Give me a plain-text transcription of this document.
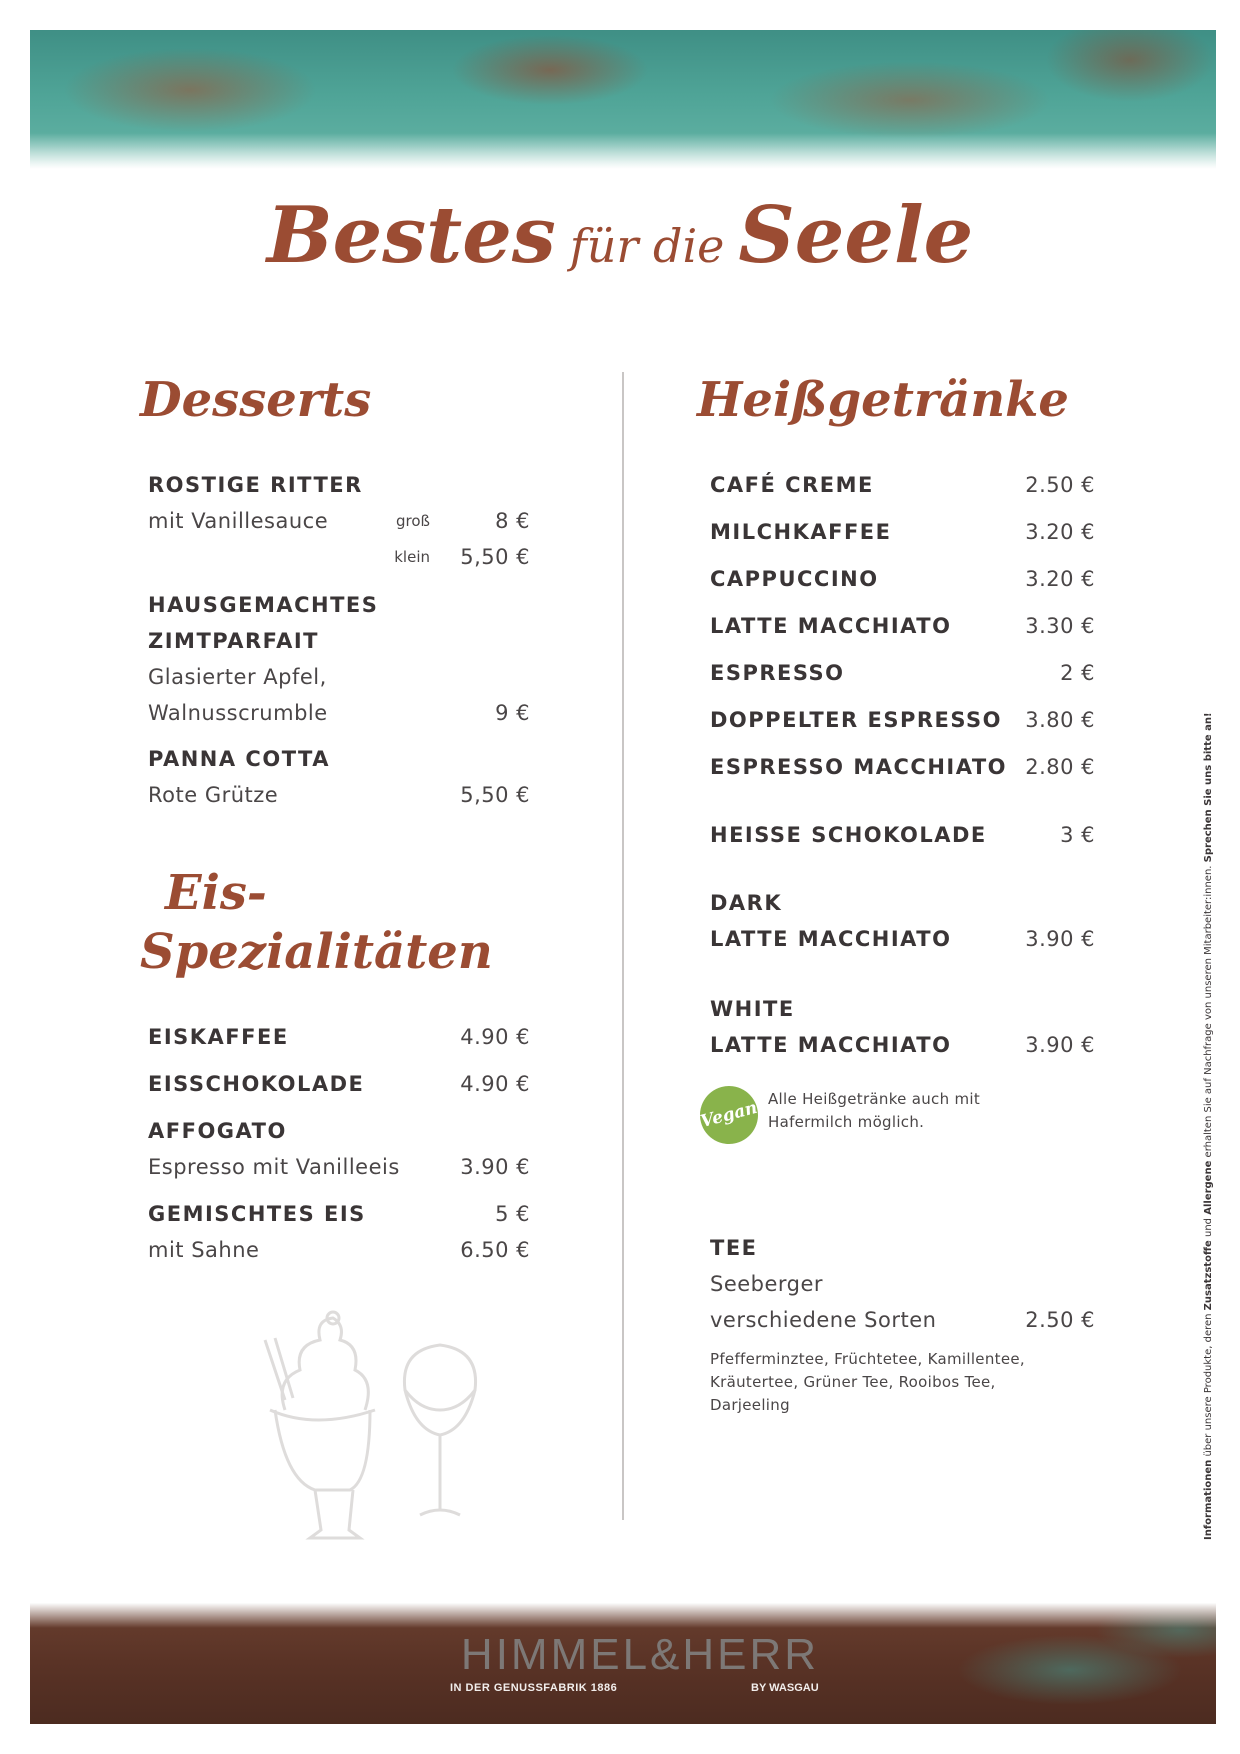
Bestes für die Seele
Desserts
ROSTIGE RITTER
mit Vanillesauce	groß	8 €
klein 5,50 €
HAUSGEMACHTES
ZIMTPARFAIT
Glasierter Apfel,
Walnusscrumble	9 €
PANNA COTTA
Rote Grütze	5,50 €
Eis-
Spezialitäten
EISKAFFEE	4.90 €
EISSCHOKOLADE	4.90 €
AFFOGATO
Espresso mit Vanilleeis	3.90 €
GEMISCHTES EIS	5 €
mit Sahne	6.50 €
Heißgetränke
CAFÉ CREME	2.50 €
MILCHKAFFEE	3.20 €
CAPPUCCINO	3.20 €
LATTE MACCHIATO	3.30 €
ESPRESSO	2 €
DOPPELTER ESPRESSO 3.80 €
ESPRESSO MACCHIATO 2.80 €
HEISSE SCHOKOLADE	3 €
DARK
LATTE MACCHIATO	3.90 €
WHITE
LATTE MACCHIATO	3.90 €
Vegan Alle Heißgetränke auch mit
Hafermilch möglich.
TEE
Seeberger
verschiedene Sorten	2.50 €
Pfefferminztee, Früchtetee, Kamillentee,
Kräutertee, Grüner Tee, Rooibos Tee,
Darjeeling
Informationen über unsere Produkte, deren Zusatzstoffe und Allergene erhalten Sie auf Nachfrage von unseren Mitarbeiter:innen. Sprechen Sie uns bitte an!
HIMMEL&HERR
IN DER GENUSSFABRIK 1886	BY WASGAU
